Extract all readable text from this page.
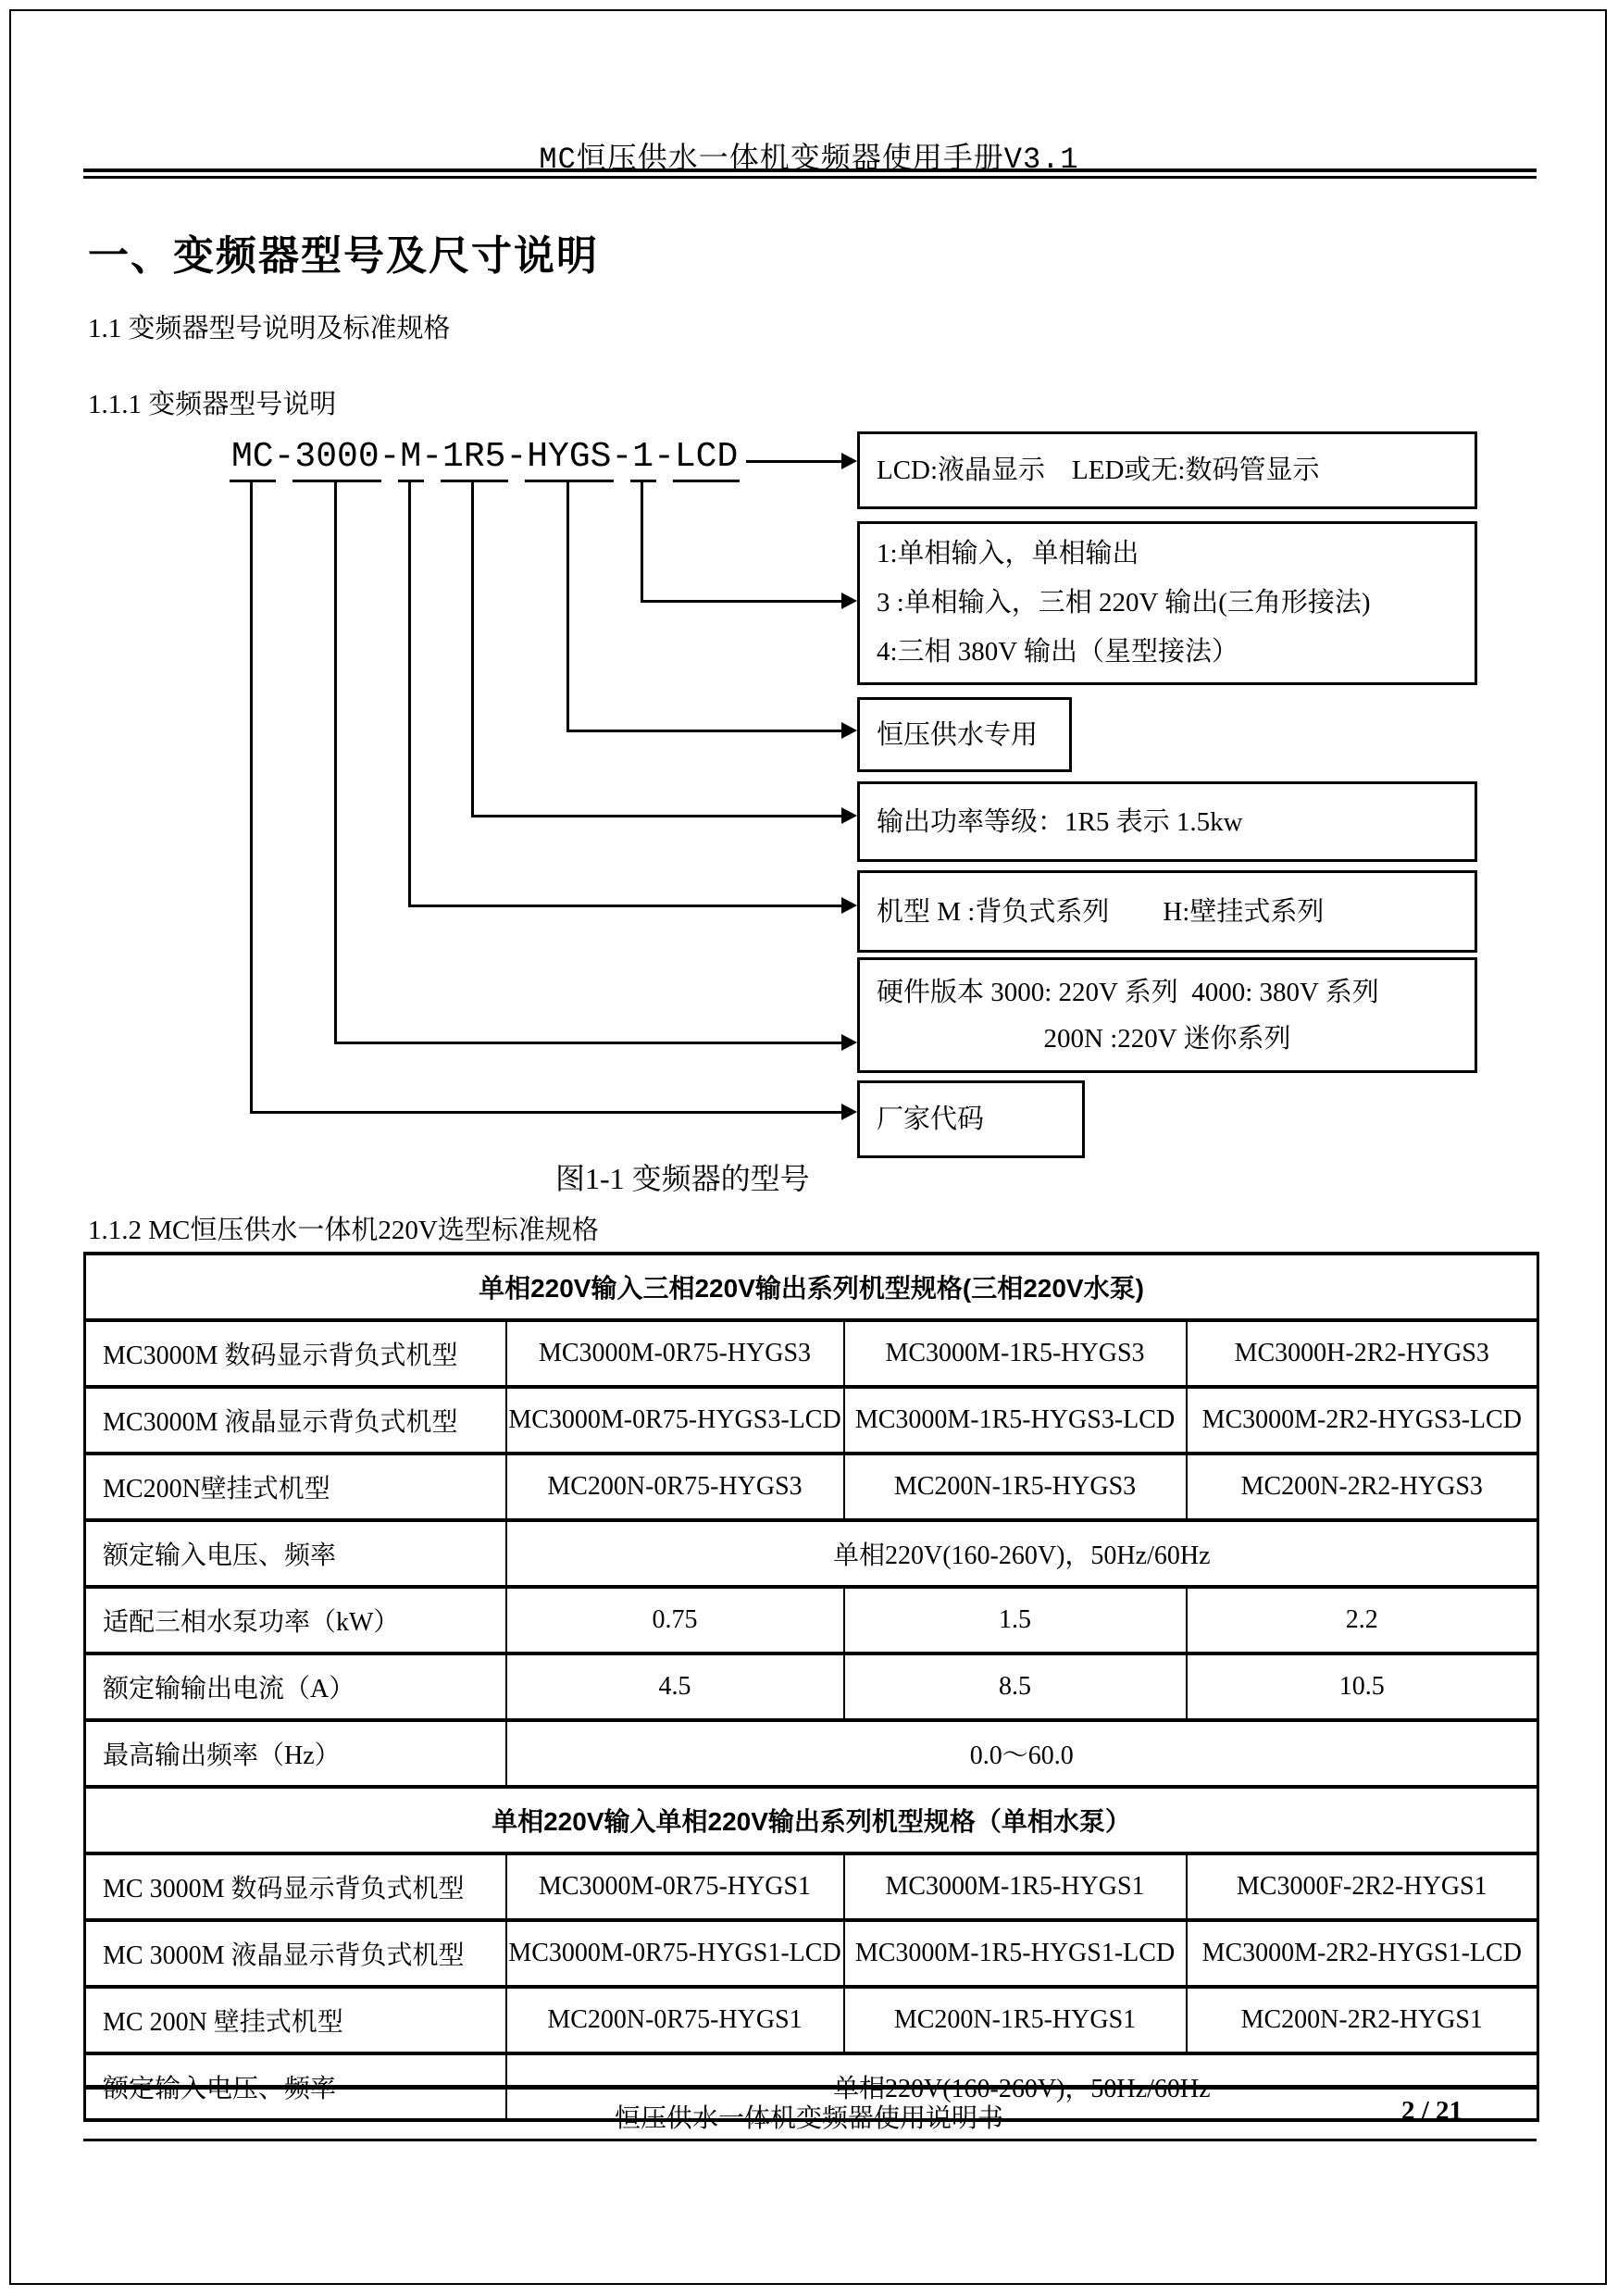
MC恒压供水一体机变频器使用手册V3.1
一、变频器型号及尺寸说明
1.1 变频器型号说明及标准规格
1.1.1 变频器型号说明
MC-3000-M-1R5-HYGS-1-LCD	LCD:液晶显示　LED或无:数码管显示
1:单相输入，单相输出
3 :单相输入，三相 220V 输出(三角形接法)
4:三相 380V 输出（星型接法）
恒压供水专用
输出功率等级：1R5 表示 1.5kw
机型 M :背负式系列　　H:壁挂式系列
硬件版本 3000: 220V 系列  4000: 380V 系列
200N :220V 迷你系列
厂家代码
图1-1 变频器的型号
1.1.2 MC恒压供水一体机220V选型标准规格
单相220V输入三相220V输出系列机型规格(三相220V水泵)			
MC3000M 数码显示背负式机型	MC3000M-0R75-HYGS3	MC3000M-1R5-HYGS3	MC3000H-2R2-HYGS3
MC3000M 液晶显示背负式机型	MC3000M-0R75-HYGS3-LCD	MC3000M-1R5-HYGS3-LCD	MC3000M-2R2-HYGS3-LCD
MC200N壁挂式机型	MC200N-0R75-HYGS3	MC200N-1R5-HYGS3	MC200N-2R2-HYGS3
额定输入电压、频率	单相220V(160-260V)，50Hz/60Hz		
适配三相水泵功率（kW）	0.75	1.5	2.2
额定输输出电流（A）	4.5	8.5	10.5
最高输出频率（Hz）	0.0～60.0		
单相220V输入单相220V输出系列机型规格（单相水泵）			
MC 3000M 数码显示背负式机型	MC3000M-0R75-HYGS1	MC3000M-1R5-HYGS1	MC3000F-2R2-HYGS1
MC 3000M 液晶显示背负式机型	MC3000M-0R75-HYGS1-LCD	MC3000M-1R5-HYGS1-LCD	MC3000M-2R2-HYGS1-LCD
MC 200N 壁挂式机型	MC200N-0R75-HYGS1	MC200N-1R5-HYGS1	MC200N-2R2-HYGS1
额定输入电压、频率	单相220V(160-260V)，50Hz/60Hz		
恒压供水一体机变频器使用说明书	2 / 21
